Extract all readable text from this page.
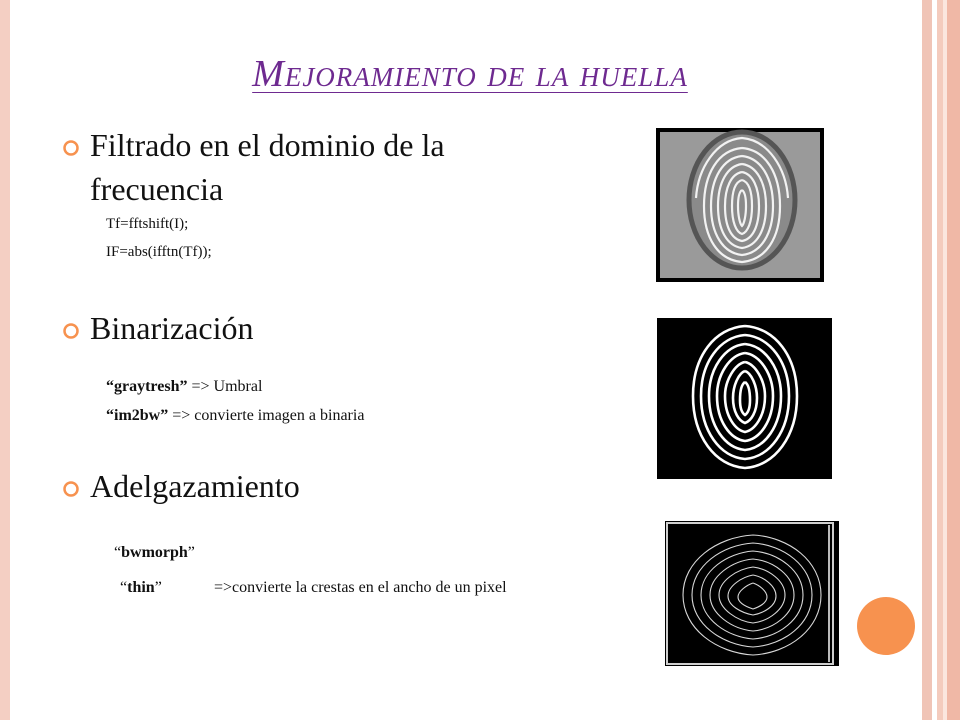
Mejoramiento de la huella
Filtrado en el dominio de la
frecuencia
Tf=fftshift(I);
IF=abs(ifftn(Tf));
Binarización
“graytresh” => Umbral
“im2bw” => convierte imagen a binaria
Adelgazamiento
“bwmorph”
“thin”	=>convierte la crestas en el ancho de un pixel
